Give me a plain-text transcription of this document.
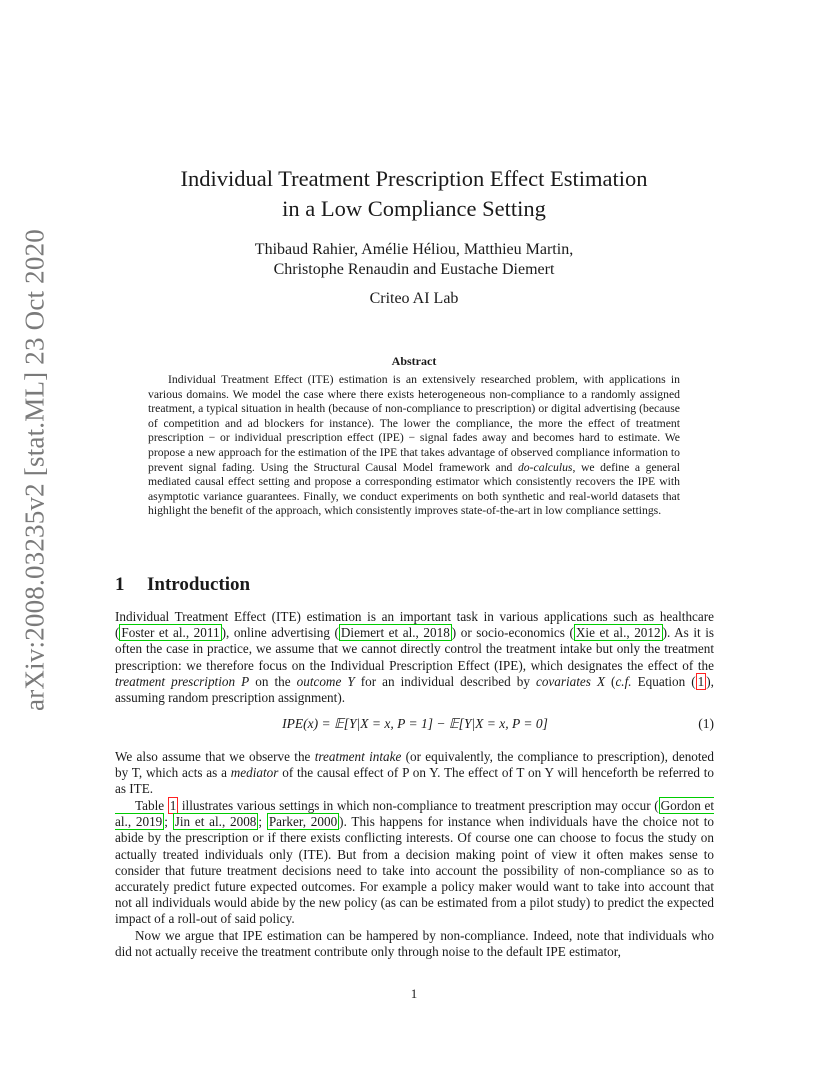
arXiv:2008.03235v2 [stat.ML] 23 Oct 2020
Individual Treatment Prescription Effect Estimation
in a Low Compliance Setting
Thibaud Rahier, Amélie Héliou, Matthieu Martin,
Christophe Renaudin and Eustache Diemert
Criteo AI Lab
Abstract
Individual Treatment Effect (ITE) estimation is an extensively researched problem, with applications in various domains. We model the case where there exists heterogeneous non-compliance to a randomly assigned treatment, a typical situation in health (because of non-compliance to prescription) or digital advertising (because of competition and ad blockers for instance). The lower the compliance, the more the effect of treatment prescription − or individual prescription effect (IPE) − signal fades away and becomes hard to estimate. We propose a new approach for the estimation of the IPE that takes advantage of observed compliance information to prevent signal fading. Using the Structural Causal Model framework and do-calculus, we define a general mediated causal effect setting and propose a corresponding estimator which consistently recovers the IPE with asymptotic variance guarantees. Finally, we conduct experiments on both synthetic and real-world datasets that highlight the benefit of the approach, which consistently improves state-of-the-art in low compliance settings.
1 Introduction

Individual Treatment Effect (ITE) estimation is an important task in various applications such as healthcare ( Foster et al., 2011 ), online advertising ( Diemert et al., 2018 ) or socio-economics ( Xie et al., 2012 ). As it is often the case in practice, we assume that we cannot directly control the treatment intake but only the treatment prescription: we therefore focus on the Individual Prescription Effect (IPE), which designates the effect of the treatment prescription P on the outcome Y for an individual described by covariates X (c.f. Equation ( 1 ), assuming random prescription assignment).

IPE(x) = 𝔼[Y|X = x, P = 1] − 𝔼[Y|X = x, P = 0]	(1)

We also assume that we observe the treatment intake (or equivalently, the compliance to prescription), denoted by T, which acts as a mediator of the causal effect of P on Y. The effect of T on Y will henceforth be referred to as ITE.

Table 1 illustrates various settings in which non-compliance to treatment prescription may occur ( Gordon et al., 2019 ; Jin et al., 2008 ; Parker, 2000 ). This happens for instance when individuals have the choice not to abide by the prescription or if there exists conflicting interests. Of course one can choose to focus the study on actually treated individuals only (ITE). But from a decision making point of view it often makes sense to consider that future treatment decisions need to take into account the possibility of non-compliance so as to accurately predict future expected outcomes. For example a policy maker would want to take into account that not all individuals would abide by the new policy (as can be estimated from a pilot study) to predict the expected impact of a roll-out of said policy.

Now we argue that IPE estimation can be hampered by non-compliance. Indeed, note that individuals who did not actually receive the treatment contribute only through noise to the default IPE estimator,

1
